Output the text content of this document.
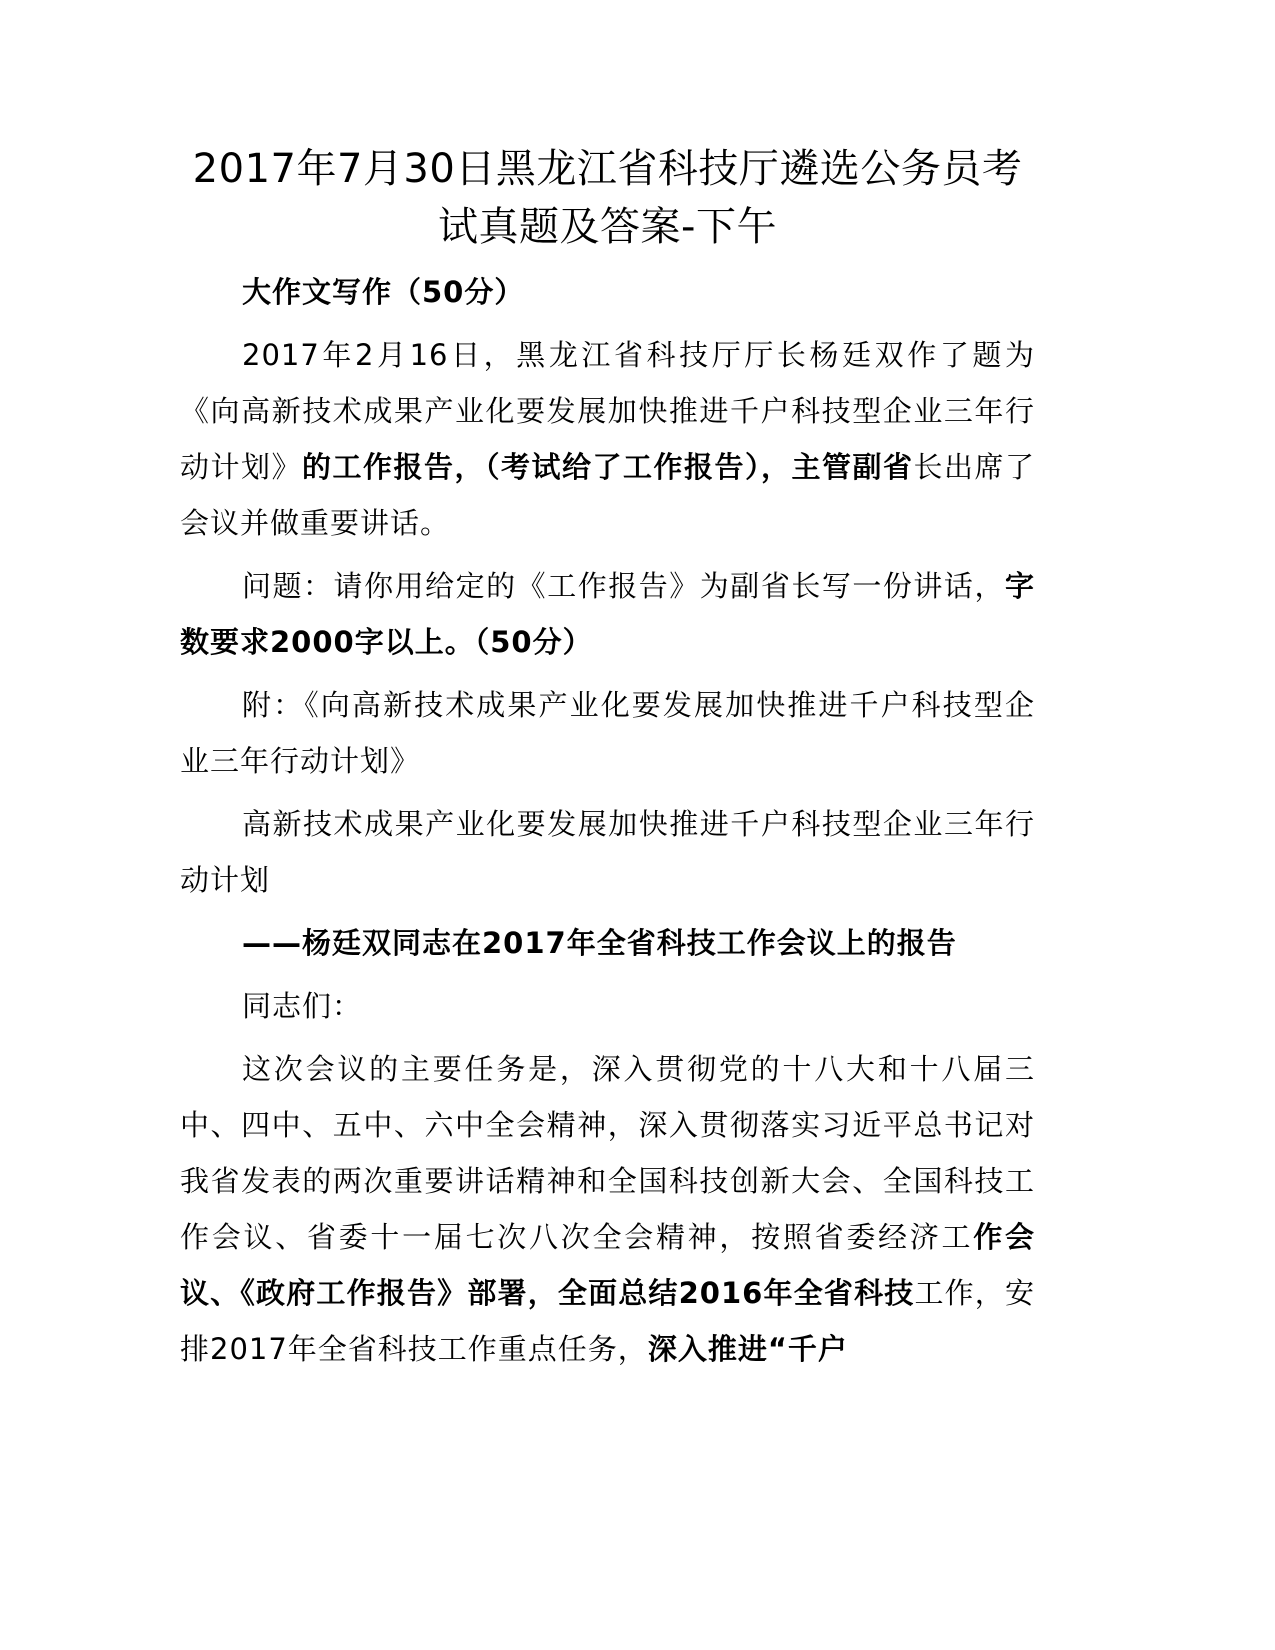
2017年7月30日黑龙江省科技厅遴选公务员考
试真题及答案-下午

大作文写作（50分）

2017年2月16日，黑龙江省科技厅厅长杨廷双作了题为《向高新技术成果产业化要发展加快推进千户科技型企业三年行动计划》的工作报告，（考试给了工作报告），主管副省长出席了会议并做重要讲话。

问题：请你用给定的《工作报告》为副省长写一份讲话，字数要求2000字以上。（50分）

附：《向高新技术成果产业化要发展加快推进千户科技型企业三年行动计划》

高新技术成果产业化要发展加快推进千户科技型企业三年行动计划

——杨廷双同志在2017年全省科技工作会议上的报告

同志们：

这次会议的主要任务是，深入贯彻党的十八大和十八届三中、四中、五中、六中全会精神，深入贯彻落实习近平总书记对我省发表的两次重要讲话精神和全国科技创新大会、全国科技工作会议、省委十一届七次八次全会精神，按照省委经济工作会议、《政府工作报告》部署，全面总结2016年全省科技工作，安排2017年全省科技工作重点任务，深入推进“千户
